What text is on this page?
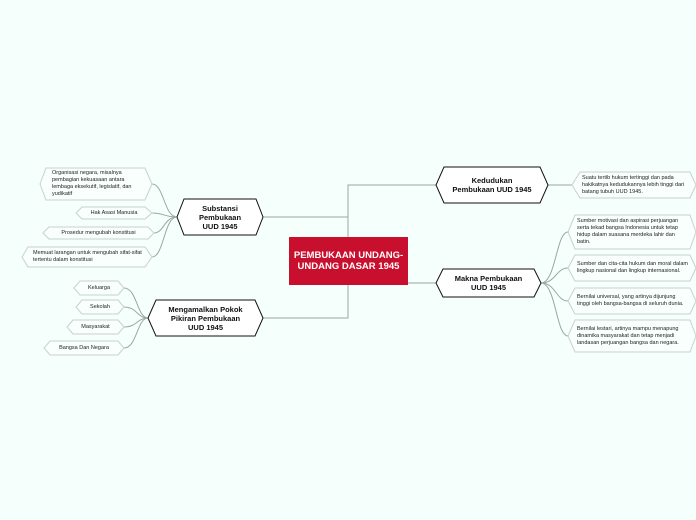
PEMBUKAAN UNDANG-UNDANG DASAR 1945
Kedudukan Pembukaan UUD 1945
Makna Pembukaan UUD 1945
Substansi Pembukaan UUD 1945
Mengamalkan Pokok Pikiran Pembukaan UUD 1945
Suatu tertib hukum tertinggi dan pada hakikatnya kedudukannya lebih tinggi dari batang tubuh UUD 1945.
Sumber motivasi dan aspirasi perjuangan serta tekad bangsa Indonesia untuk tetap hidup dalam suasana merdeka lahir dan batin.
Sumber dan cita-cita hukum dan moral dalam lingkup nasional dan lingkup internasional.
Bernilai universal, yang artinya dijunjung tinggi oleh bangsa-bangsa di seluruh dunia.
Bernilai lestari, artinya mampu menapung dinamika masyarakat dan tetap menjadi landasan perjuangan bangsa dan negara.
Organisasi negara, misalnya pembagian kekuasaan antara lembaga eksekutif, legislatif, dan yudikatif
Hak Asasi Manusia
Prosedur mengubah konstitusi
Memuat larangan untuk mengubah sifat-sifat tertentu dalam konstitusi
Keluarga
Sekolah
Masyarakat
Bangsa Dan Negara
